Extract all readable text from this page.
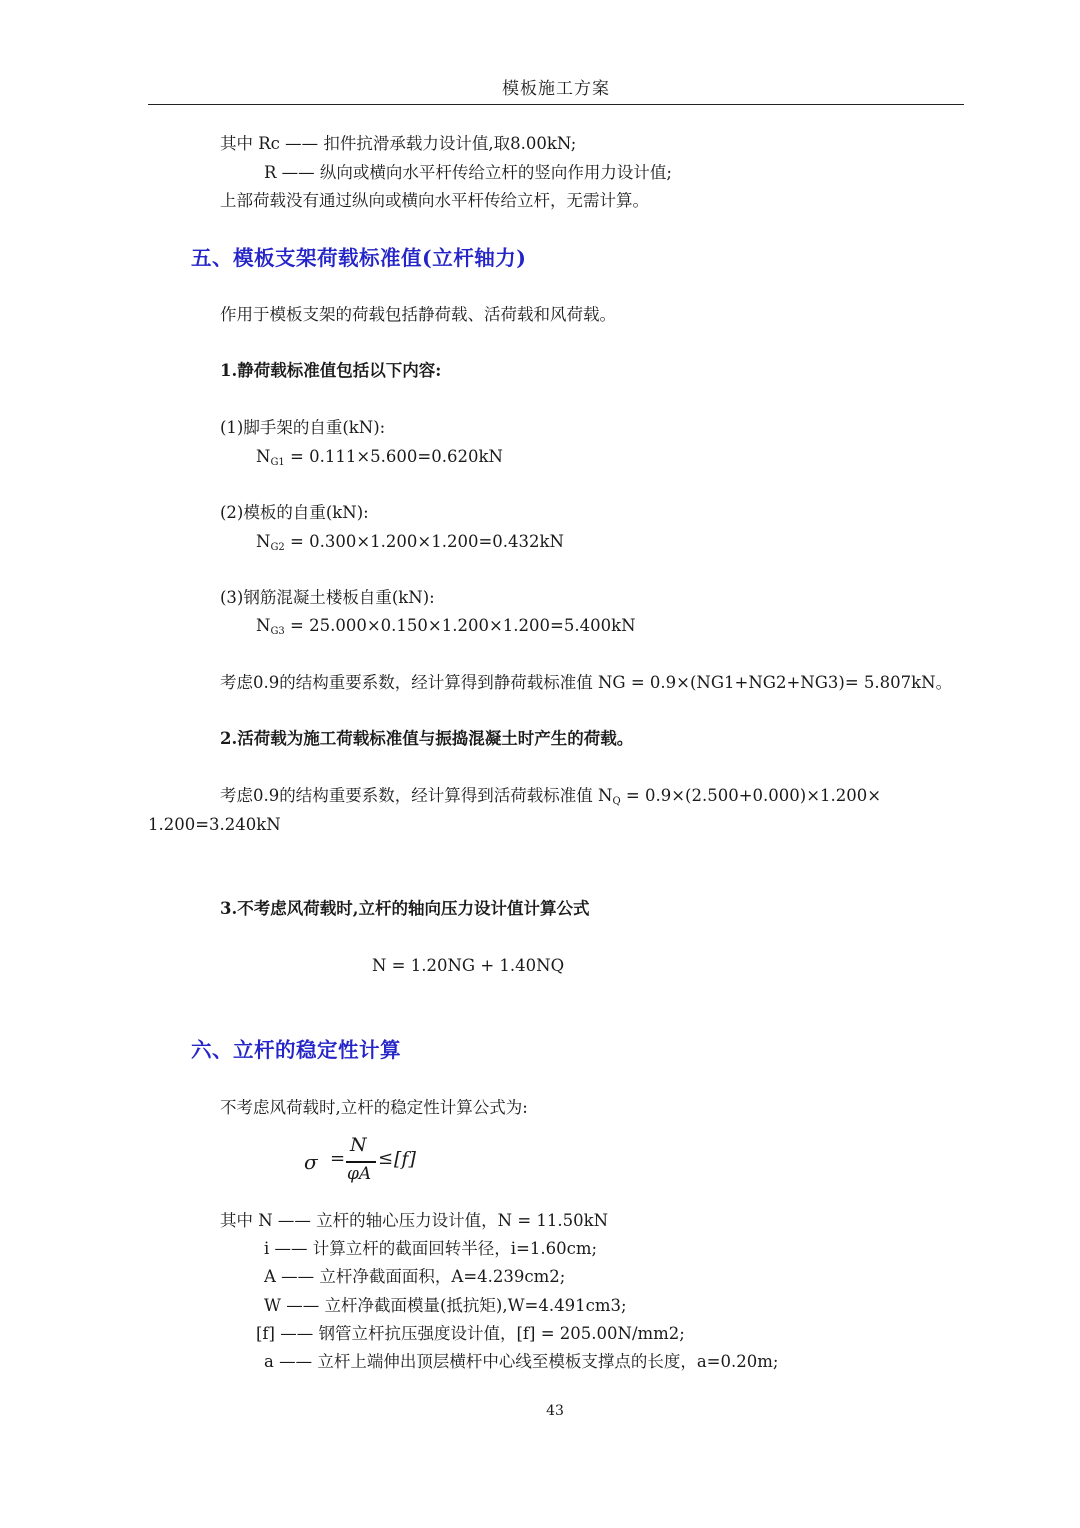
模板施工方案
其中 Rc —— 扣件抗滑承载力设计值,取8.00kN;
R —— 纵向或横向水平杆传给立杆的竖向作用力设计值;
上部荷载没有通过纵向或横向水平杆传给立杆，无需计算。
五、模板支架荷载标准值(立杆轴力)
作用于模板支架的荷载包括静荷载、活荷载和风荷载。
1.静荷载标准值包括以下内容:
(1)脚手架的自重(kN):
NG1 = 0.111×5.600=0.620kN
(2)模板的自重(kN):
NG2 = 0.300×1.200×1.200=0.432kN
(3)钢筋混凝土楼板自重(kN):
NG3 = 25.000×0.150×1.200×1.200=5.400kN
考虑0.9的结构重要系数，经计算得到静荷载标准值 NG = 0.9×(NG1+NG2+NG3)= 5.807kN。
2.活荷载为施工荷载标准值与振捣混凝土时产生的荷载。
考虑0.9的结构重要系数，经计算得到活荷载标准值 NQ = 0.9×(2.500+0.000)×1.200×
1.200=3.240kN
3.不考虑风荷载时,立杆的轴向压力设计值计算公式
N = 1.20NG + 1.40NQ
六、立杆的稳定性计算
不考虑风荷载时,立杆的稳定性计算公式为:
σ =
N
φA
≤ [f]
其中 N —— 立杆的轴心压力设计值，N = 11.50kN
i —— 计算立杆的截面回转半径，i=1.60cm;
A —— 立杆净截面面积，A=4.239cm2;
W —— 立杆净截面模量(抵抗矩),W=4.491cm3;
[f] —— 钢管立杆抗压强度设计值，[f] = 205.00N/mm2;
a —— 立杆上端伸出顶层横杆中心线至模板支撑点的长度，a=0.20m;
43
